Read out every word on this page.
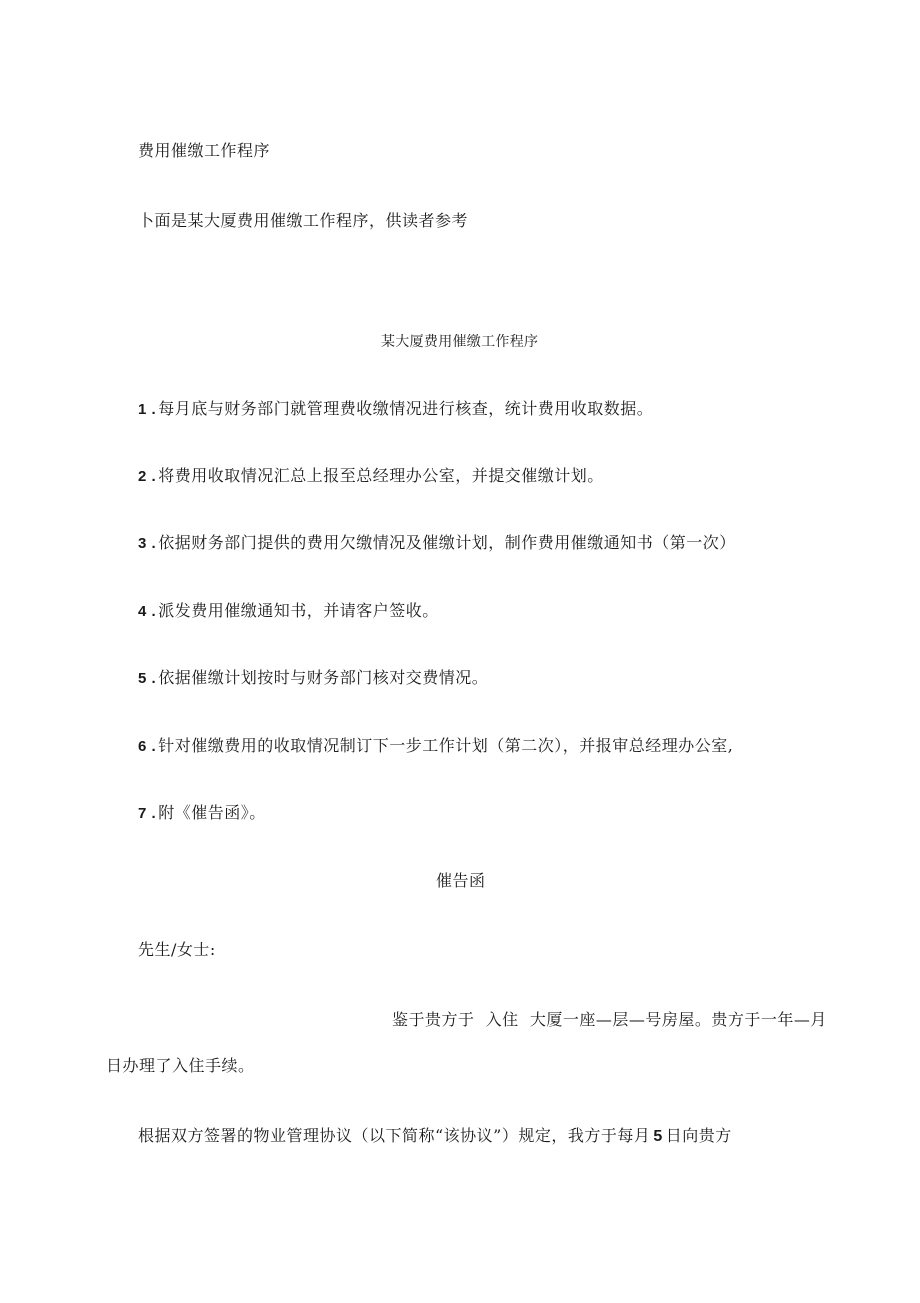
费用催缴工作程序
卜面是某大厦费用催缴工作程序，供读者参考
某大厦费用催缴工作程序
1 . 每月底与财务部门就管理费收缴情况进行核查，统计费用收取数据。
2 . 将费用收取情况汇总上报至总经理办公室，并提交催缴计划。
3 . 依据财务部门提供的费用欠缴情况及催缴计划，制作费用催缴通知书（第一次）
4 . 派发费用催缴通知书，并请客户签收。
5 . 依据催缴计划按时与财务部门核对交费情况。
6 . 针对催缴费用的收取情况制订下一步工作计划（第二次），并报审总经理办公室,
7 . 附《催告函》。
催告函
先生/女士:
鉴于贵方于  入住  大厦一座—层—号房屋。贵方于一年—月
日办理了入住手续。
根据双方签署的物业管理协议（以下简称“该协议”）规定，我方于每月 5 日向贵方
